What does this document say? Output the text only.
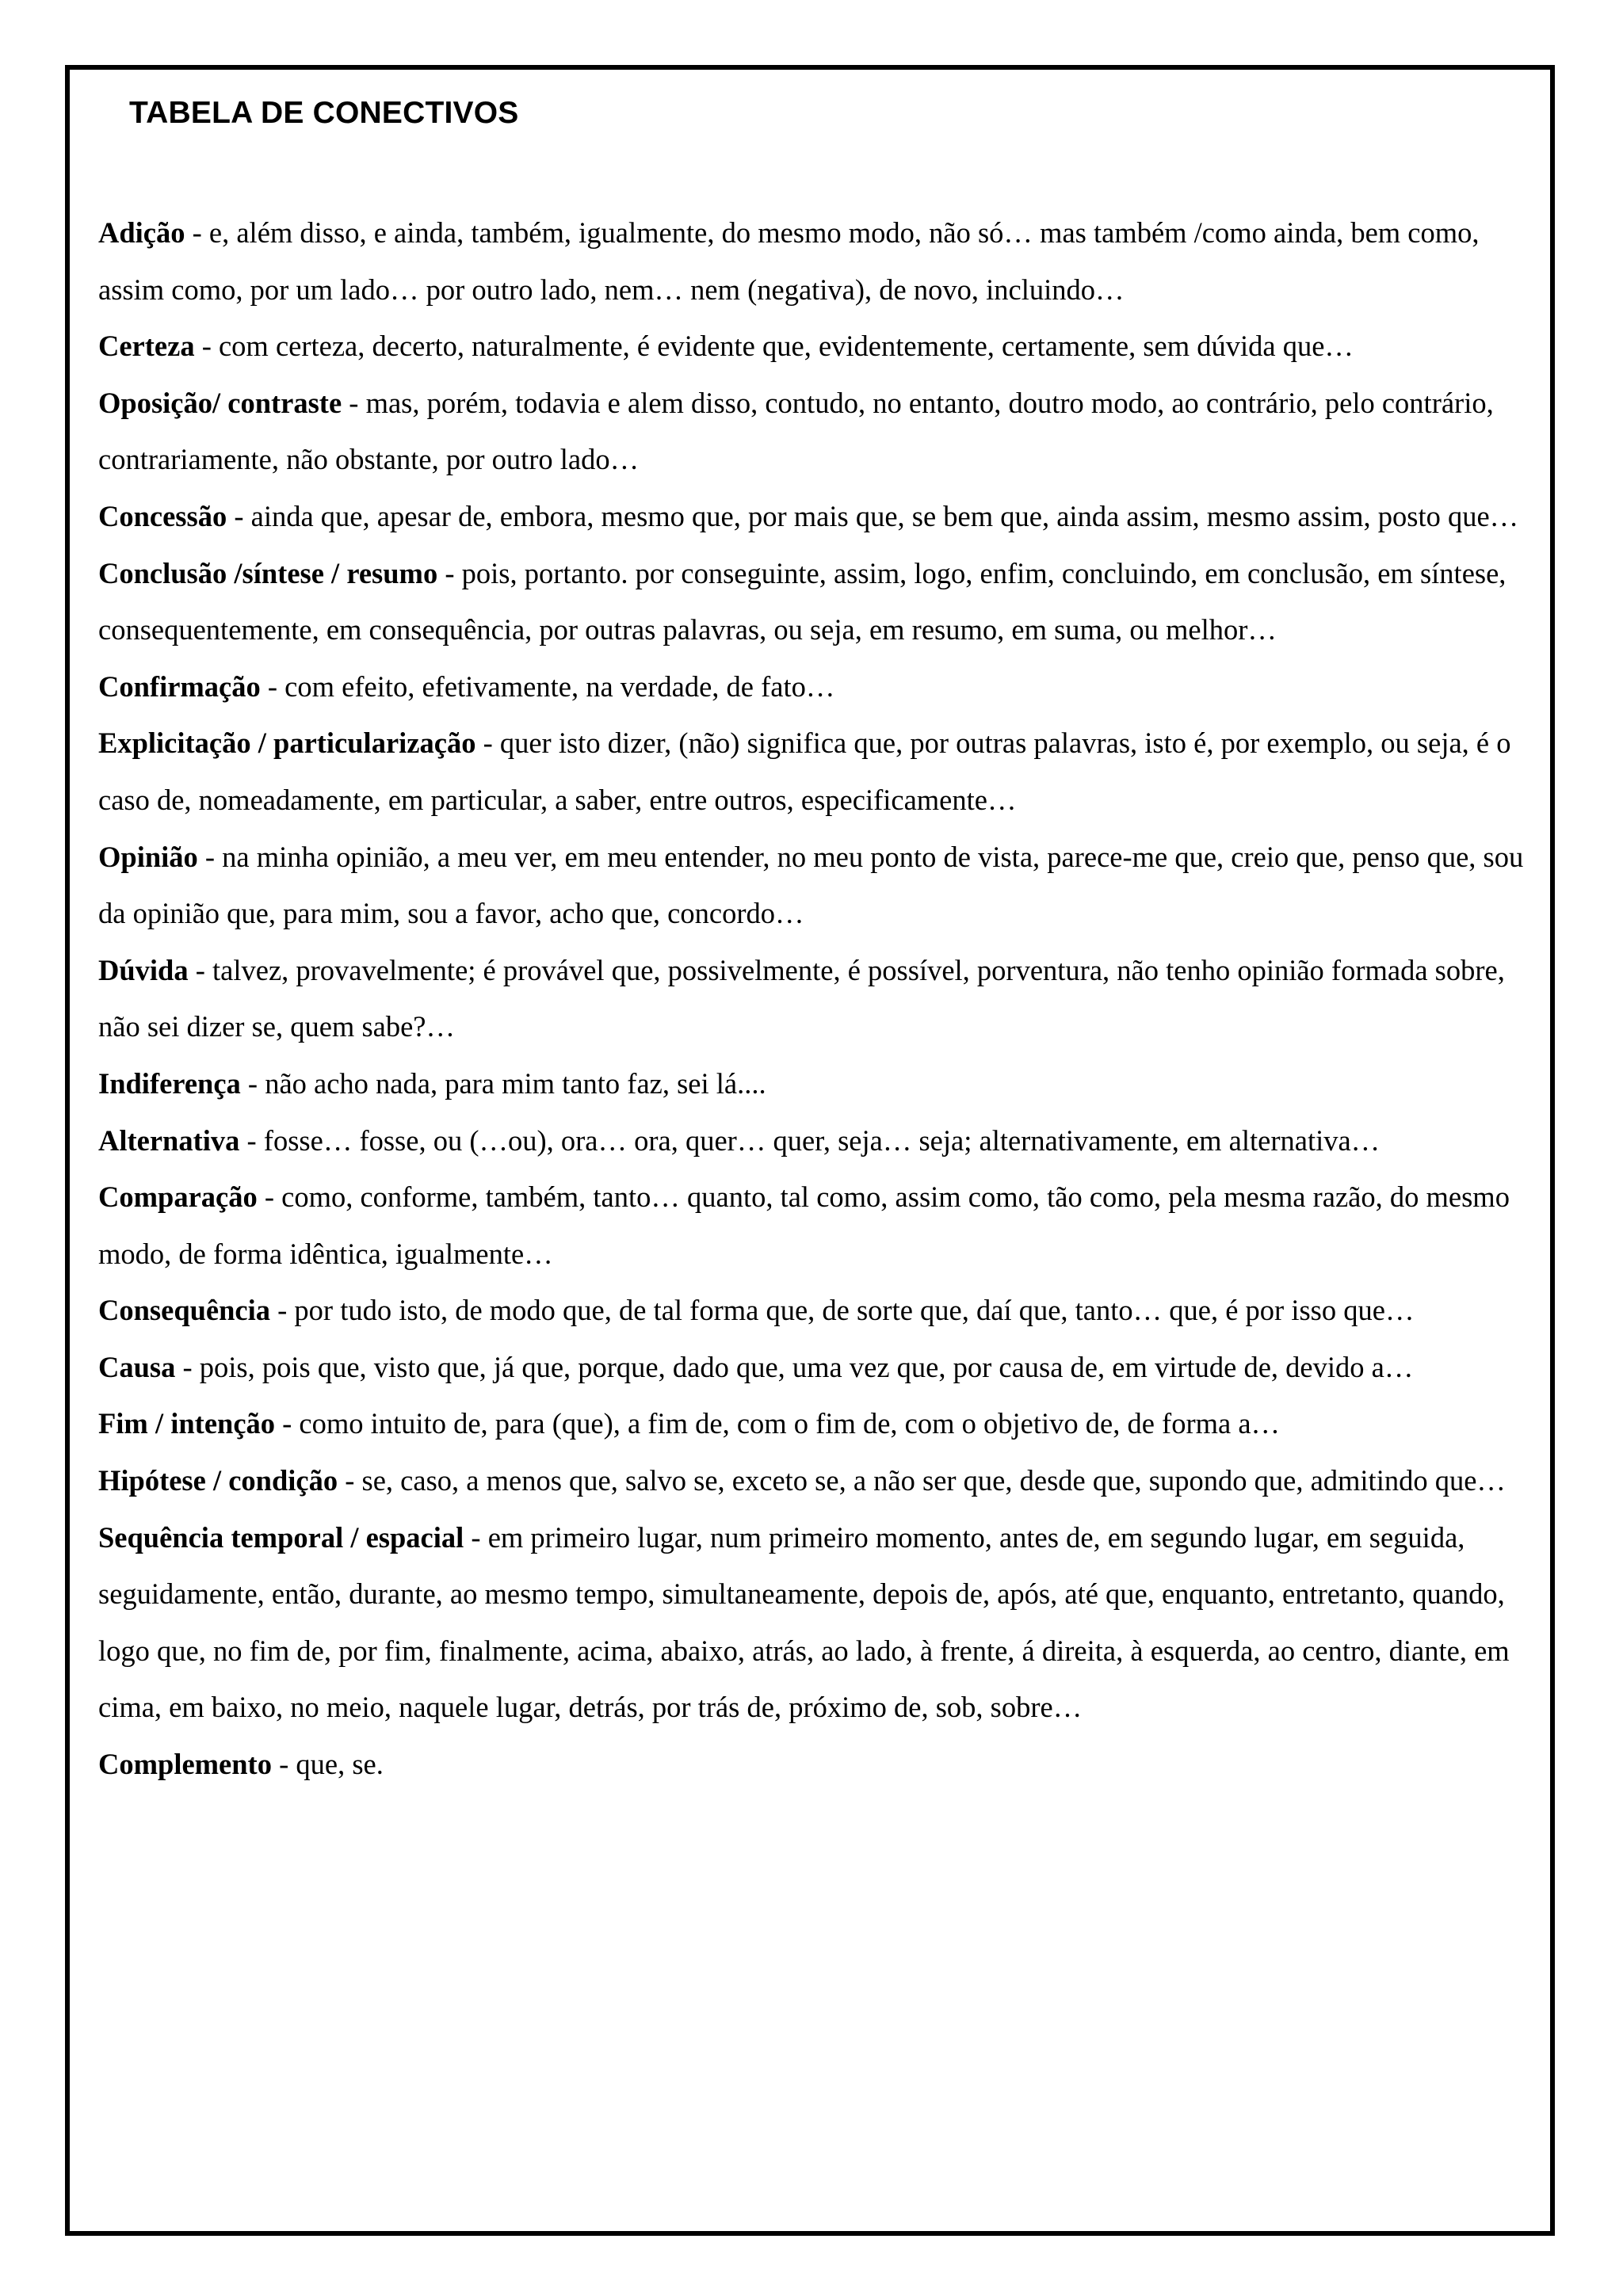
TABELA DE CONECTIVOS

Adição - e, além disso, e ainda, também, igualmente, do mesmo modo, não só… mas também /como ainda, bem como, assim como, por um lado… por outro lado, nem… nem (negativa), de novo, incluindo…

Certeza - com certeza, decerto, naturalmente, é evidente que, evidentemente, certamente, sem dúvida que…

Oposição/ contraste - mas, porém, todavia e alem disso, contudo, no entanto, doutro modo, ao contrário, pelo contrário, contrariamente, não obstante, por outro lado…

Concessão - ainda que, apesar de, embora, mesmo que, por mais que, se bem que, ainda assim, mesmo assim, posto que…

Conclusão /síntese / resumo - pois, portanto. por conseguinte, assim, logo, enfim, concluindo, em conclusão, em síntese, consequentemente, em consequência, por outras palavras, ou seja, em resumo, em suma, ou melhor…

Confirmação - com efeito, efetivamente, na verdade, de fato…

Explicitação / particularização - quer isto dizer, (não) significa que, por outras palavras, isto é, por exemplo, ou seja, é o caso de, nomeadamente, em particular, a saber, entre outros, especificamente…

Opinião - na minha opinião, a meu ver, em meu entender, no meu ponto de vista, parece-me que, creio que, penso que, sou da opinião que, para mim, sou a favor, acho que, concordo…

Dúvida - talvez, provavelmente; é provável que, possivelmente, é possível, porventura, não tenho opinião formada sobre, não sei dizer se, quem sabe?…

Indiferença - não acho nada, para mim tanto faz, sei lá....

Alternativa - fosse… fosse, ou (…ou), ora… ora, quer… quer, seja… seja; alternativamente, em alternativa…

Comparação - como, conforme, também, tanto… quanto, tal como, assim como, tão como, pela mesma razão, do mesmo modo, de forma idêntica, igualmente…

Consequência - por tudo isto, de modo que, de tal forma que, de sorte que, daí que, tanto… que, é por isso que…

Causa - pois, pois que, visto que, já que, porque, dado que, uma vez que, por causa de, em virtude de, devido a…

Fim / intenção - como intuito de, para (que), a fim de, com o fim de, com o objetivo de, de forma a…

Hipótese / condição - se, caso, a menos que, salvo se, exceto se, a não ser que, desde que, supondo que, admitindo que…

Sequência temporal / espacial - em primeiro lugar, num primeiro momento, antes de, em segundo lugar, em seguida, seguidamente, então, durante, ao mesmo tempo, simultaneamente, depois de, após, até que, enquanto, entretanto, quando, logo que, no fim de, por fim, finalmente, acima, abaixo, atrás, ao lado, à frente, á direita, à esquerda, ao centro, diante, em cima, em baixo, no meio, naquele lugar, detrás, por trás de, próximo de, sob, sobre…

Complemento - que, se.
